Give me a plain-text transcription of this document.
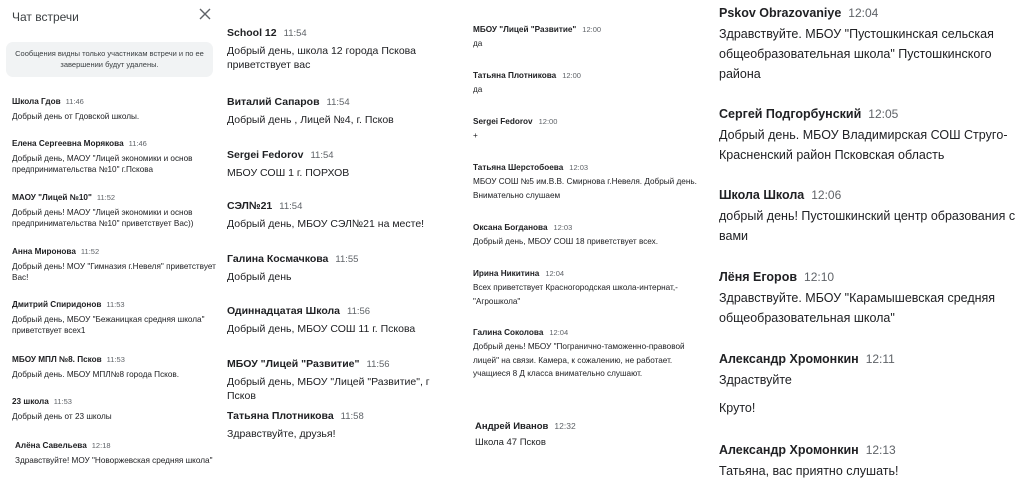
Чат встречи
Сообщения видны только участникам встречи и по ее завершении будут удалены.
Школа Гдов 11:46
Добрый день от Гдовской школы.
Елена Сергеевна Морякова 11:46
Добрый день, МАОУ "Лицей экономики и основ предпринимательства №10" г.Пскова
МАОУ "Лицей №10" 11:52
Добрый день! МАОУ "Лицей экономики и основ предпринимательства №10" приветствует Вас))
Анна Миронова 11:52
Добрый день! МОУ "Гимназия г.Невеля" приветствует Вас!
Дмитрий Спиридонов 11:53
Добрый день, МБОУ "Бежаницкая средняя школа" приветствует всех1
МБОУ МПЛ №8. Псков 11:53
Добрый день. МБОУ МПЛ№8 города Псков.
23 школа 11:53
Добрый день от 23 школы
Алёна Савельева 12:18
Здравствуйте! МОУ "Новоржевская средняя школа"
School 12 11:54
Добрый день, школа 12 города Пскова приветствует вас
Виталий Сапаров 11:54
Добрый день , Лицей №4, г. Псков
Sergei Fedorov 11:54
МБОУ СОШ 1 г. ПОРХОВ
СЭЛ№21 11:54
Добрый день, МБОУ СЭЛ№21 на месте!
Галина Космачкова 11:55
Добрый день
Одиннадцатая Школа 11:56
Добрый день, МБОУ СОШ 11 г. Пскова
МБОУ "Лицей "Развитие" 11:56
Добрый день, МБОУ "Лицей "Развитие", г Псков
Татьяна Плотникова 11:58
Здравствуйте, друзья!
МБОУ "Лицей "Развитие" 12:00
да
Татьяна Плотникова 12:00
да
Sergei Fedorov 12:00
+
Татьяна Шерстобоева 12:03
МБОУ СОШ №5 им.В.В. Смирнова г.Невеля. Добрый день. Внимательно слушаем
Оксана Богданова 12:03
Добрый день, МБОУ СОШ 18 приветствует всех.
Ирина Никитина 12:04
Всех приветствует Красногородская школа-интернат,- "Агрошкола"
Галина Соколова 12:04
Добрый день! МБОУ "Погранично-таможенно-правовой лицей" на связи. Камера, к сожалению, не работает. учащиеся 8 Д класса внимательно слушают.
Андрей Иванов 12:32
Школа 47 Псков
Pskov Obrazovaniye 12:04
Здравствуйте. МБОУ "Пустошкинская сельская общеобразовательная школа" Пустошкинского района
Сергей Подгорбунский 12:05
Добрый день. МБОУ Владимирская СОШ Стругo-Красненский район Псковская область
Школа Школа 12:06
добрый день! Пустошкинский центр образования с вами
Лёня Егоров 12:10
Здравствуйте. МБОУ "Карамышевская средняя общеобразовательная школа"
Александр Хромонкин 12:11
Здраствуйте
Круто!
Александр Хромонкин 12:13
Татьяна, вас приятно слушать!
